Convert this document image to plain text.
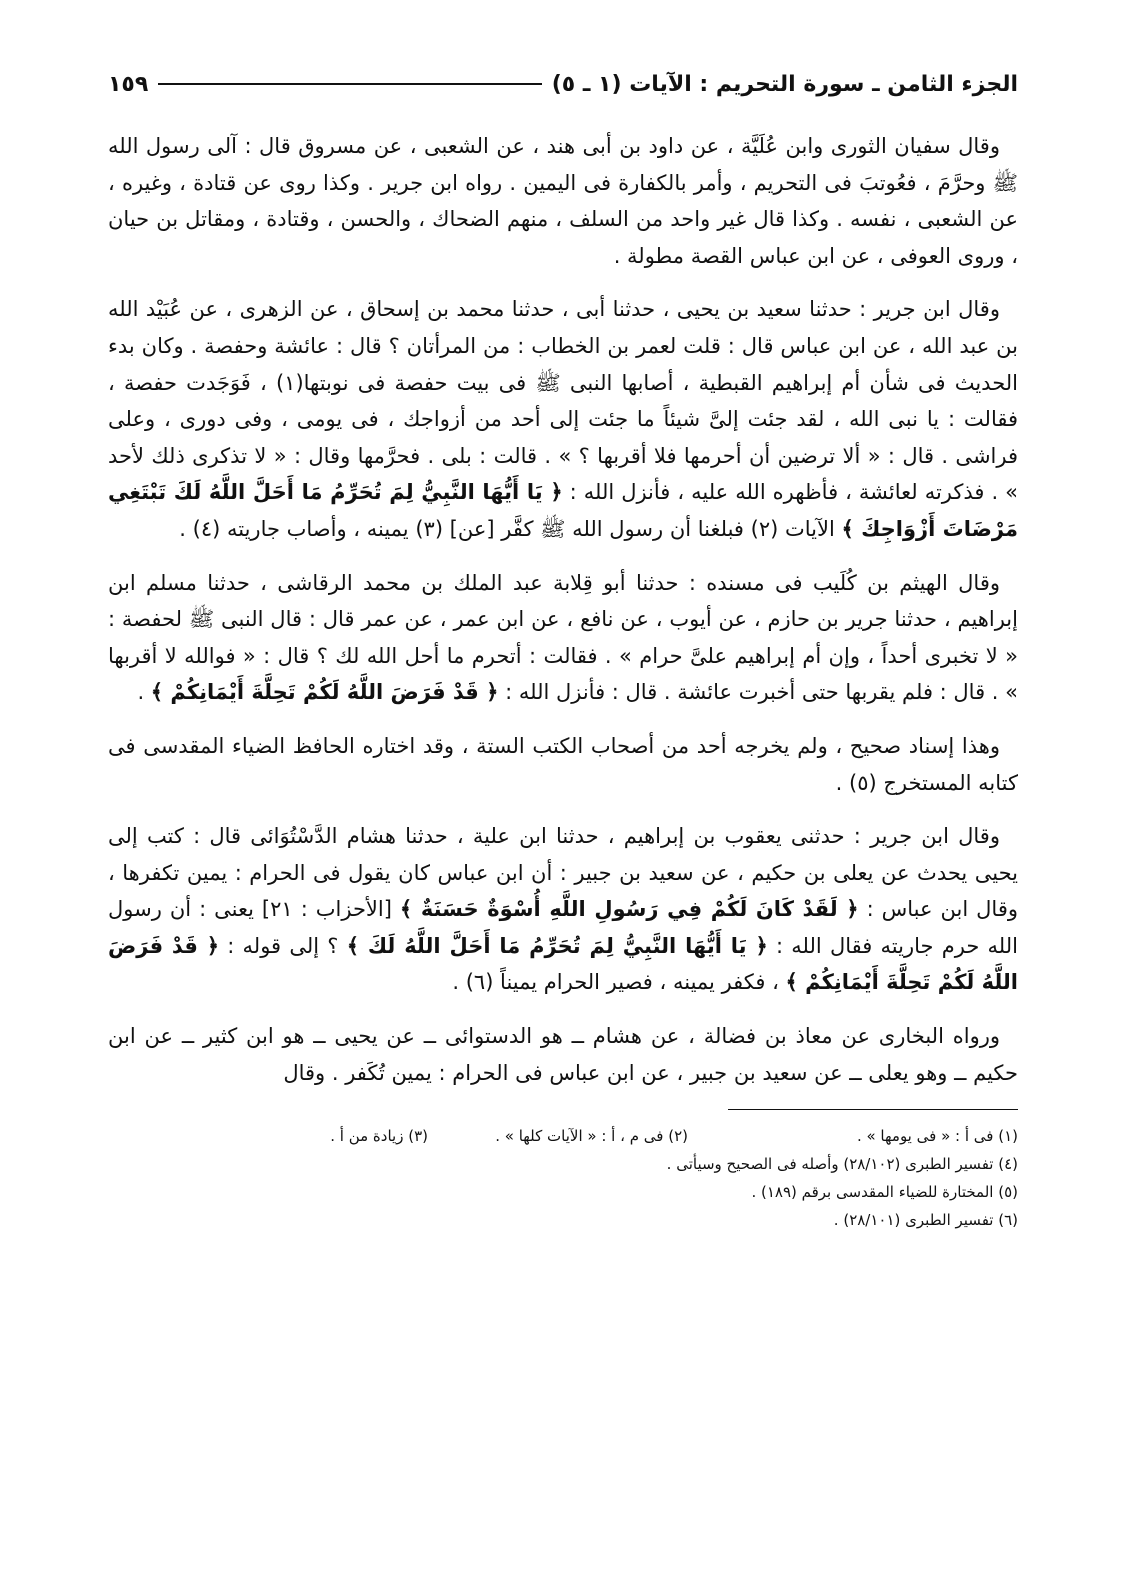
الجزء الثامن ـ سورة التحريم : الآيات (١ ـ ٥)
١٥٩

وقال سفيان الثورى وابن عُلَيَّة ، عن داود بن أبى هند ، عن الشعبى ، عن مسروق قال : آلى رسول الله ﷺ وحرَّمَ ، فعُوتبَ فى التحريم ، وأمر بالكفارة فى اليمين . رواه ابن جرير . وكذا روى عن قتادة ، وغيره ، عن الشعبى ، نفسه . وكذا قال غير واحد من السلف ، منهم الضحاك ، والحسن ، وقتادة ، ومقاتل بن حيان ، وروى العوفى ، عن ابن عباس القصة مطولة .

وقال ابن جرير : حدثنا سعيد بن يحيى ، حدثنا أبى ، حدثنا محمد بن إسحاق ، عن الزهرى ، عن عُبَيْد الله بن عبد الله ، عن ابن عباس قال : قلت لعمر بن الخطاب : من المرأتان ؟ قال : عائشة وحفصة . وكان بدء الحديث فى شأن أم إبراهيم القبطية ، أصابها النبى ﷺ فى بيت حفصة فى نوبتها(١) ، فَوَجَدت حفصة ، فقالت : يا نبى الله ، لقد جئت إلىَّ شيئاً ما جئت إلى أحد من أزواجك ، فى يومى ، وفى دورى ، وعلى فراشى . قال : « ألا ترضين أن أحرمها فلا أقربها ؟ » . قالت : بلى . فحرَّمها وقال : « لا تذكرى ذلك لأحد » . فذكرته لعائشة ، فأظهره الله عليه ، فأنزل الله : ﴿ يَا أَيُّهَا النَّبِيُّ لِمَ تُحَرِّمُ مَا أَحَلَّ اللَّهُ لَكَ تَبْتَغِي مَرْضَاتَ أَزْوَاجِكَ ﴾ الآيات (٢) فبلغنا أن رسول الله ﷺ كفَّر [عن] (٣) يمينه ، وأصاب جاريته (٤) .

وقال الهيثم بن كُلَيب فى مسنده : حدثنا أبو قِلابة عبد الملك بن محمد الرقاشى ، حدثنا مسلم ابن إبراهيم ، حدثنا جرير بن حازم ، عن أيوب ، عن نافع ، عن ابن عمر ، عن عمر قال : قال النبى ﷺ لحفصة : « لا تخبرى أحداً ، وإن أم إبراهيم علىَّ حرام » . فقالت : أتحرم ما أحل الله لك ؟ قال : « فوالله لا أقربها » . قال : فلم يقربها حتى أخبرت عائشة . قال : فأنزل الله : ﴿ قَدْ فَرَضَ اللَّهُ لَكُمْ تَحِلَّةَ أَيْمَانِكُمْ ﴾ .

وهذا إسناد صحيح ، ولم يخرجه أحد من أصحاب الكتب الستة ، وقد اختاره الحافظ الضياء المقدسى فى كتابه المستخرج (٥) .

وقال ابن جرير : حدثنى يعقوب بن إبراهيم ، حدثنا ابن علية ، حدثنا هشام الدَّسْتُوَائى قال : كتب إلى يحيى يحدث عن يعلى بن حكيم ، عن سعيد بن جبير : أن ابن عباس كان يقول فى الحرام : يمين تكفرها ، وقال ابن عباس : ﴿ لَقَدْ كَانَ لَكُمْ فِي رَسُولِ اللَّهِ أُسْوَةٌ حَسَنَةٌ ﴾ [الأحزاب : ٢١] يعنى : أن رسول الله حرم جاريته فقال الله : ﴿ يَا أَيُّهَا النَّبِيُّ لِمَ تُحَرِّمُ مَا أَحَلَّ اللَّهُ لَكَ ﴾ ؟ إلى قوله : ﴿ قَدْ فَرَضَ اللَّهُ لَكُمْ تَحِلَّةَ أَيْمَانِكُمْ ﴾ ، فكفر يمينه ، فصير الحرام يميناً (٦) .

ورواه البخارى عن معاذ بن فضالة ، عن هشام ــ هو الدستوائى ــ عن يحيى ــ هو ابن كثير ــ عن ابن حكيم ــ وهو يعلى ــ عن سعيد بن جبير ، عن ابن عباس فى الحرام : يمين تُكَفر . وقال

(١) فى أ : « فى يومها » .
(٢) فى م ، أ : « الآيات كلها » .
(٣) زيادة من أ .
(٤) تفسير الطبرى (٢٨/١٠٢) وأصله فى الصحيح وسيأتى .
(٥) المختارة للضياء المقدسى برقم (١٨٩) .
(٦) تفسير الطبرى (٢٨/١٠١) .
